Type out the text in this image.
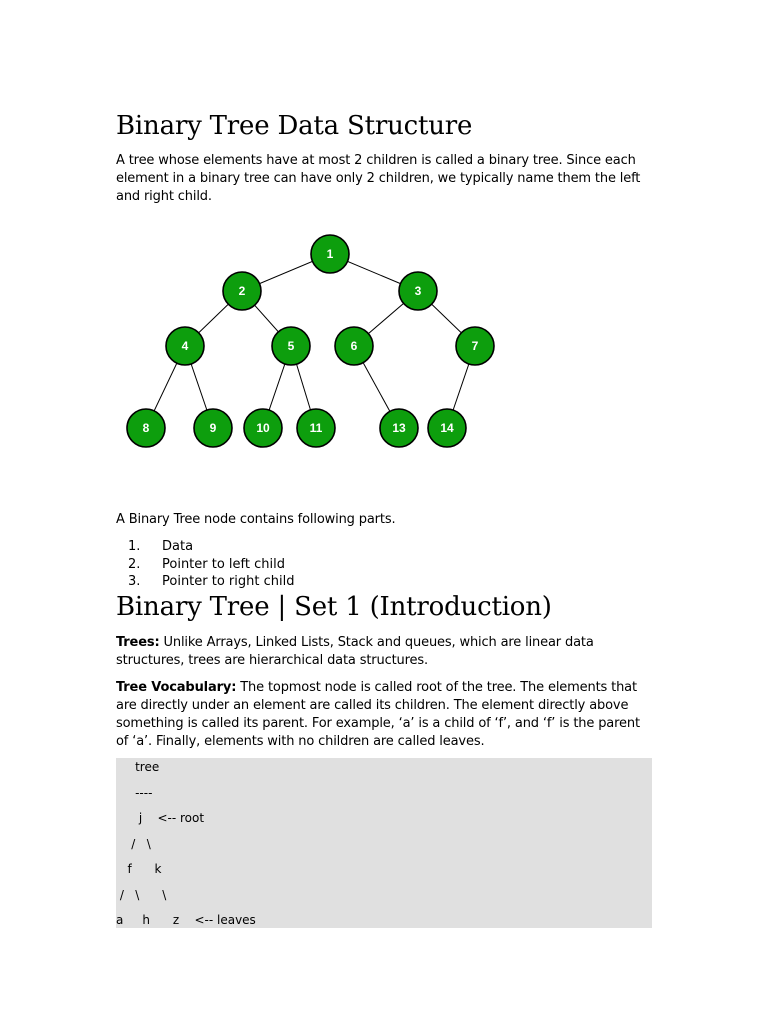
Binary Tree Data Structure

A tree whose elements have at most 2 children is called a binary tree. Since each element in a binary tree can have only 2 children, we typically name them the left and right child.

A Binary Tree node contains following parts.

1.	Data
2.	Pointer to left child
3.	Pointer to right child
Binary Tree | Set 1 (Introduction)

Trees: Unlike Arrays, Linked Lists, Stack and queues, which are linear data structures, trees are hierarchical data structures.

Tree Vocabulary: The topmost node is called root of the tree. The elements that are directly under an element are called its children. The element directly above something is called its parent. For example, ‘a’ is a child of ‘f’, and ‘f’ is the parent of ‘a’. Finally, elements with no children are called leaves.

1
2	3
4	5	6	7
8	9	10	11	13	14
tree
----
j    <-- root
/   \
f      k
/   \      \
a     h      z    <-- leaves
